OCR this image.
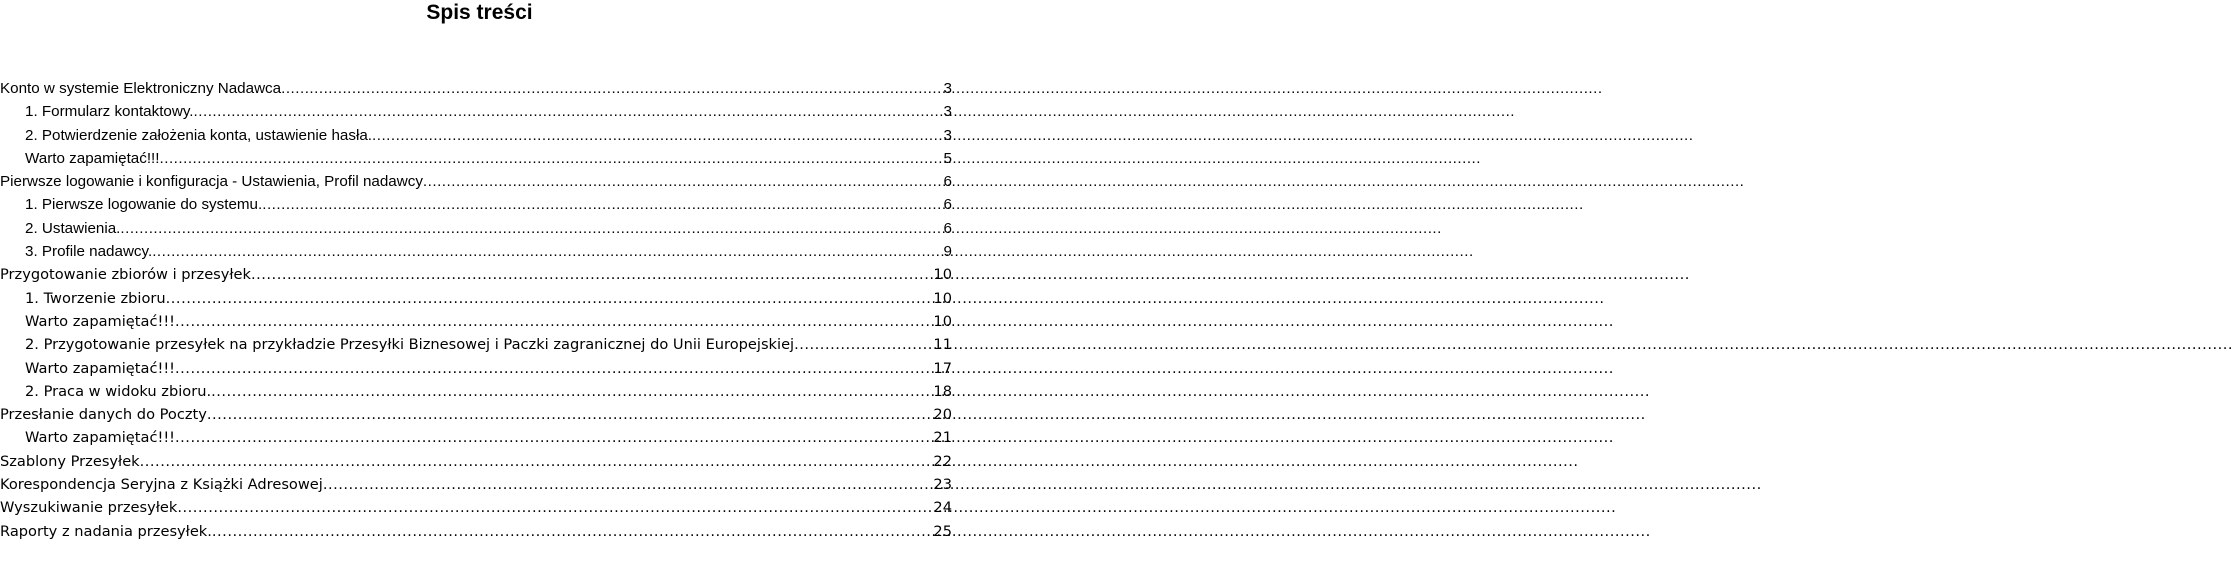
Spis treści
Konto w systemie Elektroniczny Nadawca .....	3
1. Formularz kontaktowy. .....	3
2. Potwierdzenie założenia konta, ustawienie hasła. .....	3
Warto zapamiętać!!! .....	5
Pierwsze logowanie i konfiguracja - Ustawienia, Profil nadawcy .....	6
1. Pierwsze logowanie do systemu. .....	6
2. Ustawienia. .....	6
3. Profile nadawcy. .....	9
Przygotowanie zbiorów i przesyłek .....	10
1. Tworzenie zbioru .....	10
Warto zapamiętać!!! .....	10
2. Przygotowanie przesyłek na przykładzie Przesyłki Biznesowej i Paczki zagranicznej do Unii Europejskiej .....	11
Warto zapamiętać!!! .....	17
2. Praca w widoku zbioru. .....	18
Przesłanie danych do Poczty .....	20
Warto zapamiętać!!! .....	21
Szablony Przesyłek .....	22
Korespondencja Seryjna z Książki Adresowej .....	23
Wyszukiwanie przesyłek .....	24
Raporty z nadania przesyłek. .....	25
